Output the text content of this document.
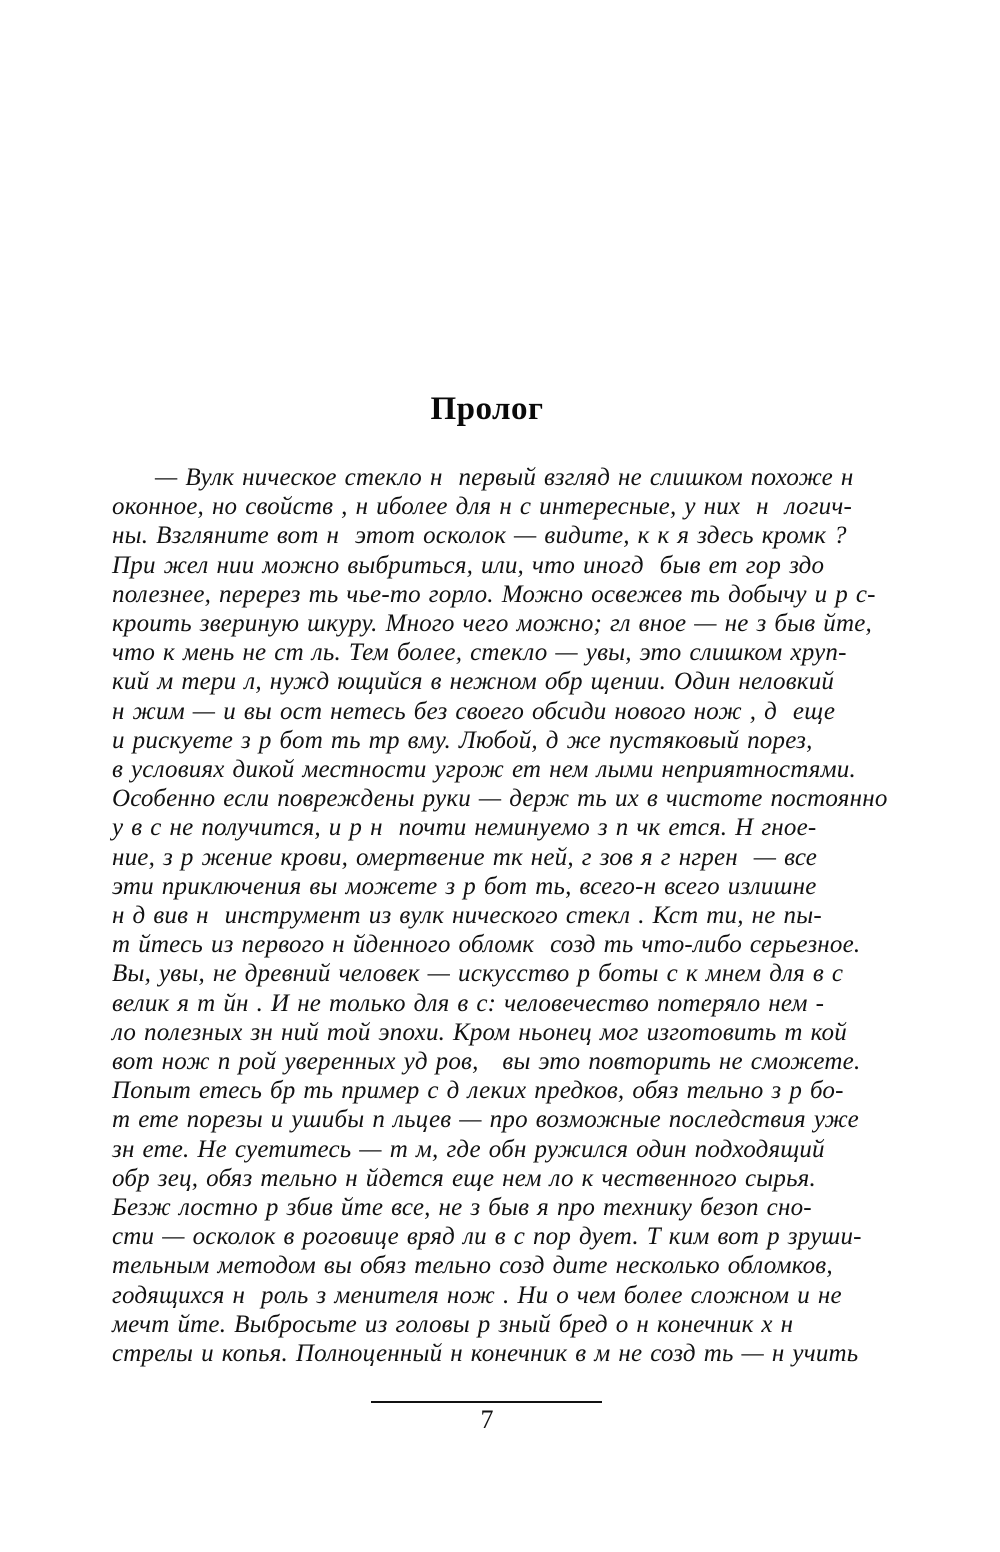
Пролог
— Вулк ническое стекло н  первый взгляд не слишком похоже н
оконное, но свойств , н иболее для н с интересные, у них  н  логич-
ны. Взгляните вот н  этот осколок — видите, к к я здесь кромк ?
При жел нии можно выбриться, или, что иногд  быв ет гор здо
полезнее, перерез ть чье-то горло. Можно освежев ть добычу и р с-
кроить звериную шкуру. Много чего можно; гл вное — не з быв йте,
что к мень не ст ль. Тем более, стекло — увы, это слишком хруп-
кий м тери л, нужд ющийся в нежном обр щении. Один неловкий
н жим — и вы ост нетесь без своего обсиди нового нож , д  еще
и рискуете з р бот ть тр вму. Любой, д же пустяковый порез,
в условиях дикой местности угрож ет нем лыми неприятностями.
Особенно если повреждены руки — держ ть их в чистоте постоянно
у в с не получится, и р н  почти неминуемо з п чк ется. Н гное-
ние, з р жение крови, омертвение тк ней, г зов я г нгрен  — все
эти приключения вы можете з р бот ть, всего-н всего излишне
н д вив н  инструмент из вулк нического стекл . Кст ти, не пы-
т йтесь из первого н йденного обломк  созд ть что-либо серьезное.
Вы, увы, не древний человек — искусство р боты с к мнем для в с
велик я т йн . И не только для в с: человечество потеряло нем -
ло полезных зн ний той эпохи. Кром ньонец мог изготовить т кой
вот нож п рой уверенных уд ров,   вы это повторить не сможете.
Попыт етесь бр ть пример с д леких предков, обяз тельно з р бо-
т ете порезы и ушибы п льцев — про возможные последствия уже
зн ете. Не суетитесь — т м, где обн ружился один подходящий
обр зец, обяз тельно н йдется еще нем ло к чественного сырья.
Безж лостно р збив йте все, не з быв я про технику безоп сно-
сти — осколок в роговице вряд ли в с пор дует. Т ким вот р зруши-
тельным методом вы обяз тельно созд дите несколько обломков,
годящихся н  роль з менителя нож . Ни о чем более сложном и не
мечт йте. Выбросьте из головы р зный бред о н конечник х н
стрелы и копья. Полноценный н конечник в м не созд ть — н учить
7
